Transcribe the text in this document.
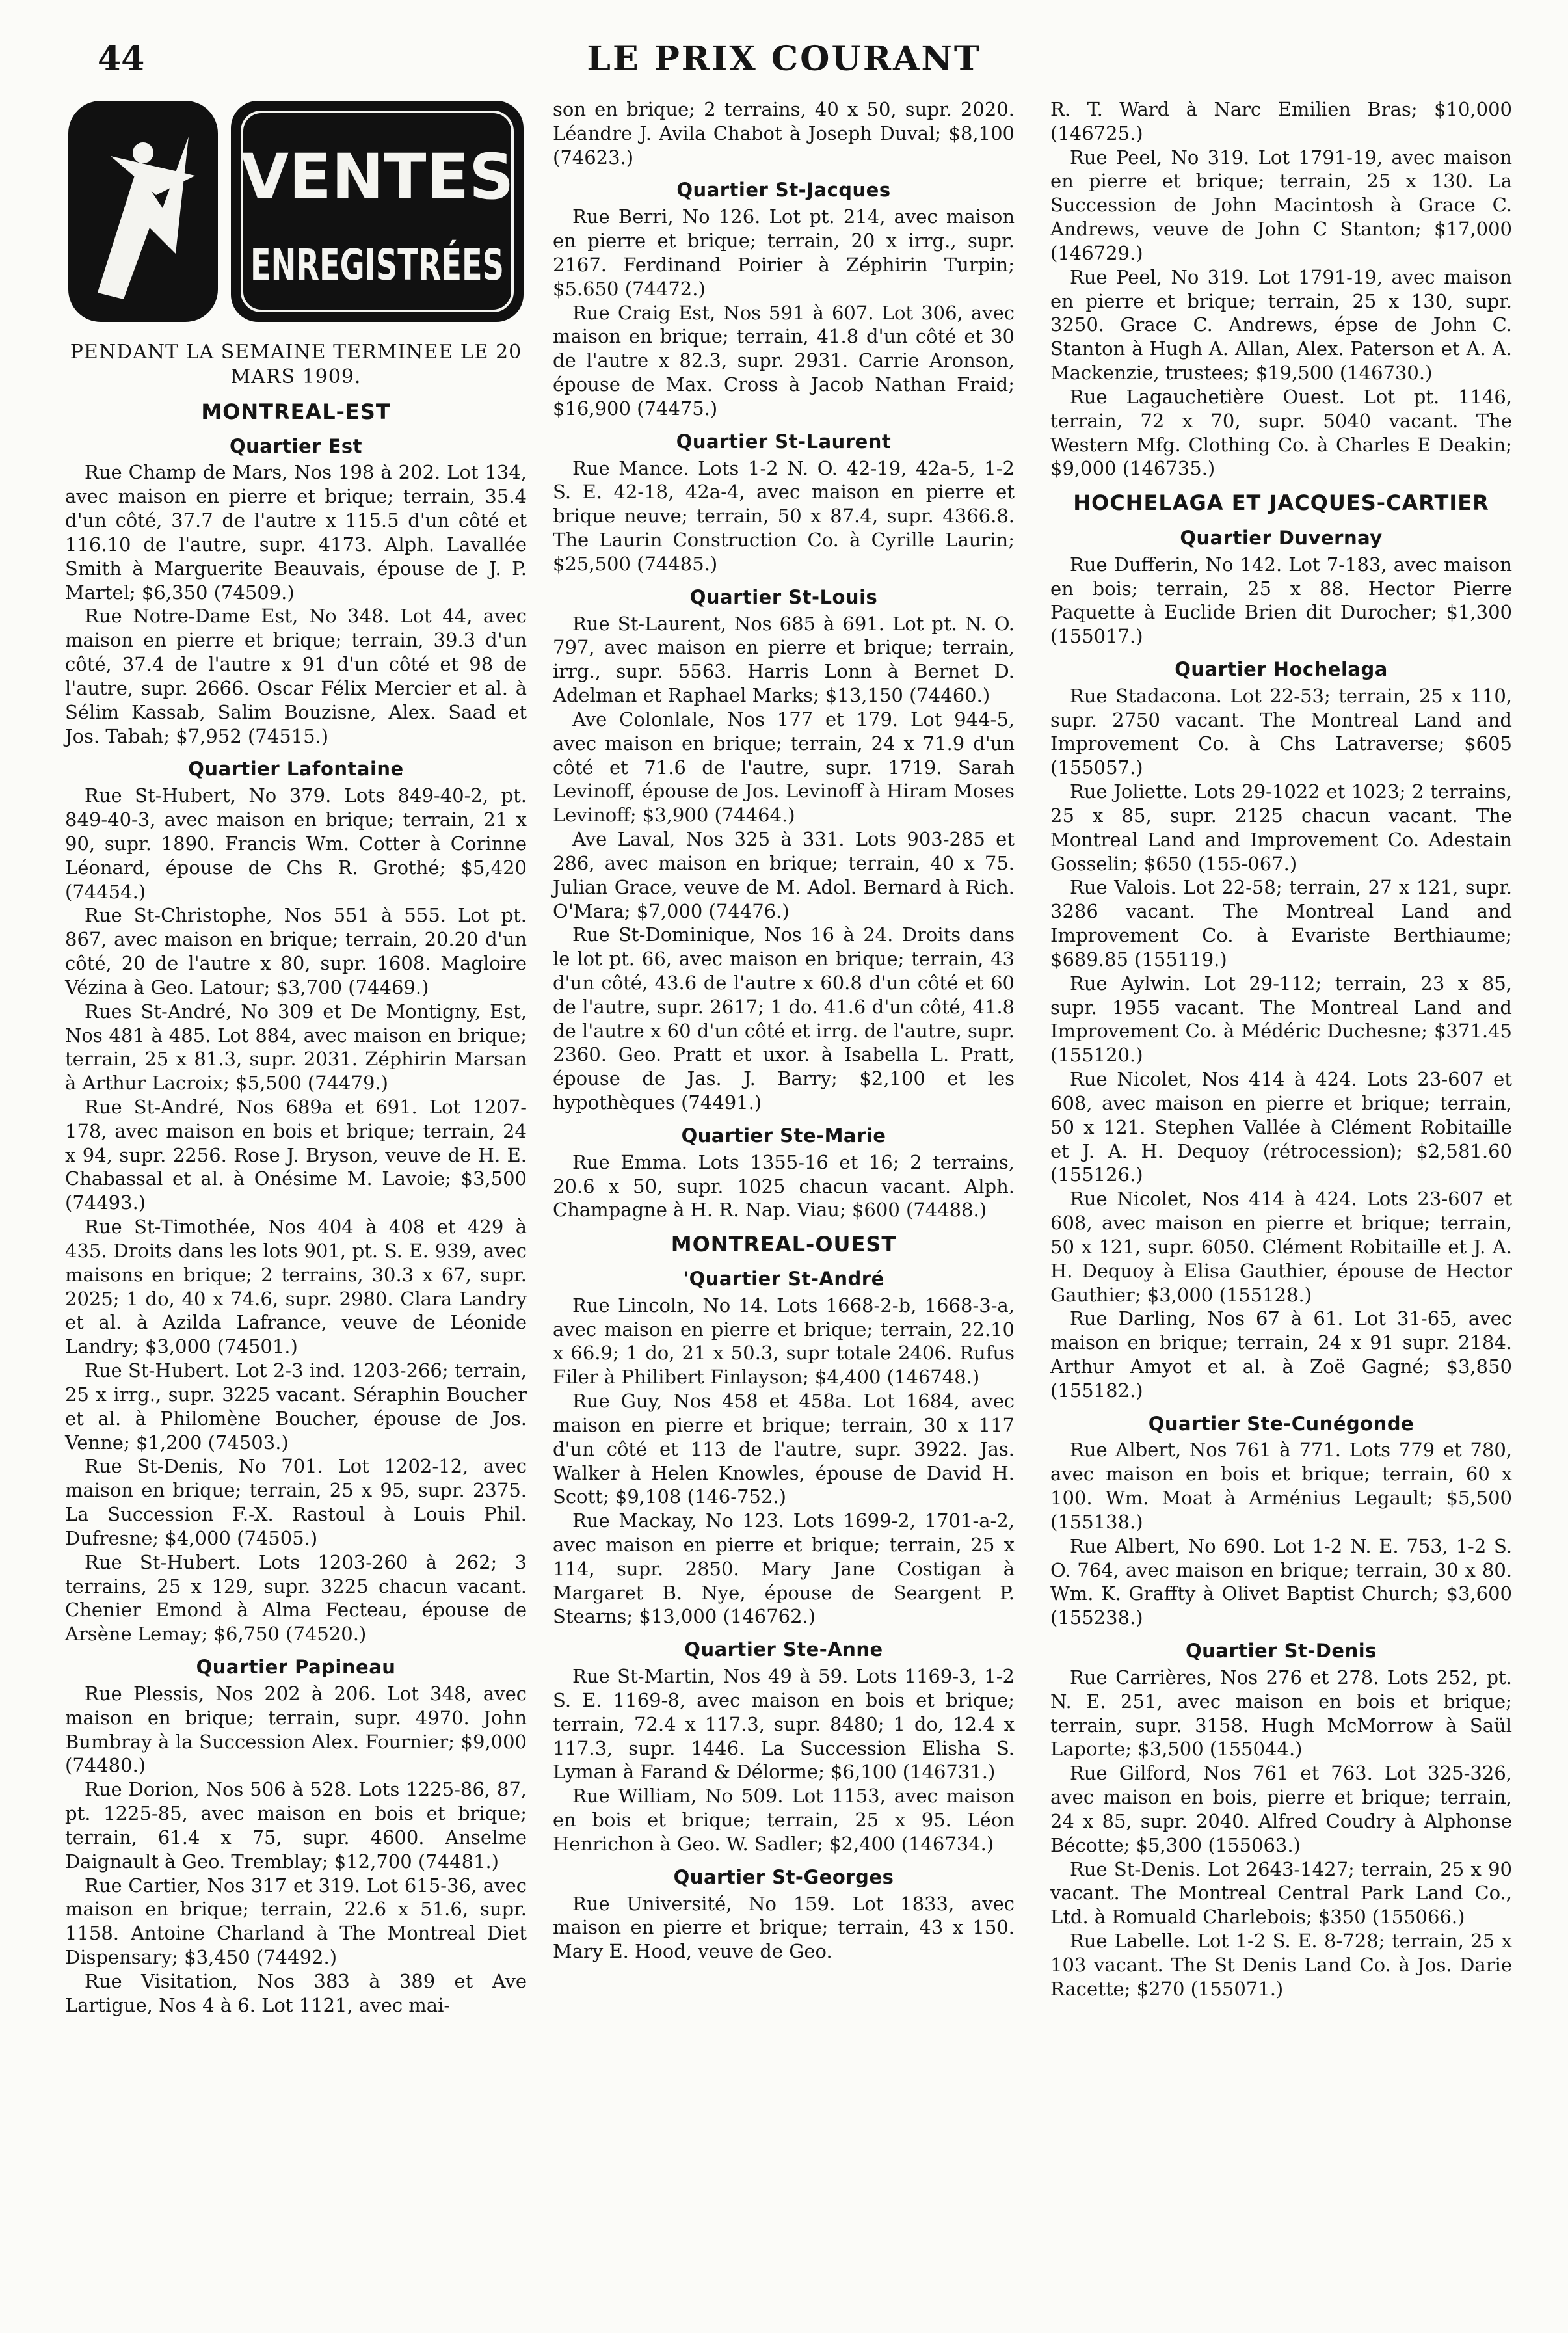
44	LE PRIX COURANT
VENTES
ENREGISTRÉES
PENDANT LA SEMAINE TERMINEE LE 20 MARS 1909.
MONTREAL-EST
Quartier Est

Rue Champ de Mars, Nos 198 à 202. Lot 134, avec maison en pierre et brique; terrain, 35.4 d'un côté, 37.7 de l'autre x 115.5 d'un côté et 116.10 de l'autre, supr. 4173. Alph. Lavallée Smith à Marguerite Beauvais, épouse de J. P. Martel; $6,350 (74509.)

Rue Notre-Dame Est, No 348. Lot 44, avec maison en pierre et brique; terrain, 39.3 d'un côté, 37.4 de l'autre x 91 d'un côté et 98 de l'autre, supr. 2666. Oscar Félix Mercier et al. à Sélim Kassab, Salim Bouzisne, Alex. Saad et Jos. Tabah; $7,952 (74515.)

Quartier Lafontaine

Rue St-Hubert, No 379. Lots 849-40-2, pt. 849-40-3, avec maison en brique; terrain, 21 x 90, supr. 1890. Francis Wm. Cotter à Corinne Léonard, épouse de Chs R. Grothé; $5,420 (74454.)

Rue St-Christophe, Nos 551 à 555. Lot pt. 867, avec maison en brique; terrain, 20.20 d'un côté, 20 de l'autre x 80, supr. 1608. Magloire Vézina à Geo. Latour; $3,700 (74469.)

Rues St-André, No 309 et De Montigny, Est, Nos 481 à 485. Lot 884, avec maison en brique; terrain, 25 x 81.3, supr. 2031. Zéphirin Marsan à Arthur Lacroix; $5,500 (74479.)

Rue St-André, Nos 689a et 691. Lot 1207-178, avec maison en bois et brique; terrain, 24 x 94, supr. 2256. Rose J. Bryson, veuve de H. E. Chabassal et al. à Onésime M. Lavoie; $3,500 (74493.)

Rue St-Timothée, Nos 404 à 408 et 429 à 435. Droits dans les lots 901, pt. S. E. 939, avec maisons en brique; 2 terrains, 30.3 x 67, supr. 2025; 1 do, 40 x 74.6, supr. 2980. Clara Landry et al. à Azilda Lafrance, veuve de Léonide Landry; $3,000 (74501.)

Rue St-Hubert. Lot 2-3 ind. 1203-266; terrain, 25 x irrg., supr. 3225 vacant. Séraphin Boucher et al. à Philomène Boucher, épouse de Jos. Venne; $1,200 (74503.)

Rue St-Denis, No 701. Lot 1202-12, avec maison en brique; terrain, 25 x 95, supr. 2375. La Succession F.-X. Rastoul à Louis Phil. Dufresne; $4,000 (74505.)

Rue St-Hubert. Lots 1203-260 à 262; 3 terrains, 25 x 129, supr. 3225 chacun vacant. Chenier Emond à Alma Fecteau, épouse de Arsène Lemay; $6,750 (74520.)

Quartier Papineau

Rue Plessis, Nos 202 à 206. Lot 348, avec maison en brique; terrain, supr. 4970. John Bumbray à la Succession Alex. Fournier; $9,000 (74480.)

Rue Dorion, Nos 506 à 528. Lots 1225-86, 87, pt. 1225-85, avec maison en bois et brique; terrain, 61.4 x 75, supr. 4600. Anselme Daignault à Geo. Tremblay; $12,700 (74481.)

Rue Cartier, Nos 317 et 319. Lot 615-36, avec maison en brique; terrain, 22.6 x 51.6, supr. 1158. Antoine Charland à The Montreal Diet Dispensary; $3,450 (74492.)

Rue Visitation, Nos 383 à 389 et Ave Lartigue, Nos 4 à 6. Lot 1121, avec mai-

son en brique; 2 terrains, 40 x 50, supr. 2020. Léandre J. Avila Chabot à Joseph Duval; $8,100 (74623.)

Quartier St-Jacques

Rue Berri, No 126. Lot pt. 214, avec maison en pierre et brique; terrain, 20 x irrg., supr. 2167. Ferdinand Poirier à Zéphirin Turpin; $5.650 (74472.)

Rue Craig Est, Nos 591 à 607. Lot 306, avec maison en brique; terrain, 41.8 d'un côté et 30 de l'autre x 82.3, supr. 2931. Carrie Aronson, épouse de Max. Cross à Jacob Nathan Fraid; $16,900 (74475.)

Quartier St-Laurent

Rue Mance. Lots 1-2 N. O. 42-19, 42a-5, 1-2 S. E. 42-18, 42a-4, avec maison en pierre et brique neuve; terrain, 50 x 87.4, supr. 4366.8. The Laurin Construction Co. à Cyrille Laurin; $25,500 (74485.)

Quartier St-Louis

Rue St-Laurent, Nos 685 à 691. Lot pt. N. O. 797, avec maison en pierre et brique; terrain, irrg., supr. 5563. Harris Lonn à Bernet D. Adelman et Raphael Marks; $13,150 (74460.)

Ave Colonlale, Nos 177 et 179. Lot 944-5, avec maison en brique; terrain, 24 x 71.9 d'un côté et 71.6 de l'autre, supr. 1719. Sarah Levinoff, épouse de Jos. Levinoff à Hiram Moses Levinoff; $3,900 (74464.)

Ave Laval, Nos 325 à 331. Lots 903-285 et 286, avec maison en brique; terrain, 40 x 75. Julian Grace, veuve de M. Adol. Bernard à Rich. O'Mara; $7,000 (74476.)

Rue St-Dominique, Nos 16 à 24. Droits dans le lot pt. 66, avec maison en brique; terrain, 43 d'un côté, 43.6 de l'autre x 60.8 d'un côté et 60 de l'autre, supr. 2617; 1 do. 41.6 d'un côté, 41.8 de l'autre x 60 d'un côté et irrg. de l'autre, supr. 2360. Geo. Pratt et uxor. à Isabella L. Pratt, épouse de Jas. J. Barry; $2,100 et les hypothèques (74491.)

Quartier Ste-Marie

Rue Emma. Lots 1355-16 et 16; 2 terrains, 20.6 x 50, supr. 1025 chacun vacant. Alph. Champagne à H. R. Nap. Viau; $600 (74488.)

MONTREAL-OUEST
'Quartier St-André

Rue Lincoln, No 14. Lots 1668-2-b, 1668-3-a, avec maison en pierre et brique; terrain, 22.10 x 66.9; 1 do, 21 x 50.3, supr totale 2406. Rufus Filer à Philibert Finlayson; $4,400 (146748.)

Rue Guy, Nos 458 et 458a. Lot 1684, avec maison en pierre et brique; terrain, 30 x 117 d'un côté et 113 de l'autre, supr. 3922. Jas. Walker à Helen Knowles, épouse de David H. Scott; $9,108 (146-752.)

Rue Mackay, No 123. Lots 1699-2, 1701-a-2, avec maison en pierre et brique; terrain, 25 x 114, supr. 2850. Mary Jane Costigan à Margaret B. Nye, épouse de Seargent P. Stearns; $13,000 (146762.)

Quartier Ste-Anne

Rue St-Martin, Nos 49 à 59. Lots 1169-3, 1-2 S. E. 1169-8, avec maison en bois et brique; terrain, 72.4 x 117.3, supr. 8480; 1 do, 12.4 x 117.3, supr. 1446. La Succession Elisha S. Lyman à Farand & Délorme; $6,100 (146731.)

Rue William, No 509. Lot 1153, avec maison en bois et brique; terrain, 25 x 95. Léon Henrichon à Geo. W. Sadler; $2,400 (146734.)

Quartier St-Georges

Rue Université, No 159. Lot 1833, avec maison en pierre et brique; terrain, 43 x 150. Mary E. Hood, veuve de Geo.

R. T. Ward à Narc Emilien Bras; $10,000 (146725.)

Rue Peel, No 319. Lot 1791-19, avec maison en pierre et brique; terrain, 25 x 130. La Succession de John Macintosh à Grace C. Andrews, veuve de John C Stanton; $17,000 (146729.)

Rue Peel, No 319. Lot 1791-19, avec maison en pierre et brique; terrain, 25 x 130, supr. 3250. Grace C. Andrews, épse de John C. Stanton à Hugh A. Allan, Alex. Paterson et A. A. Mackenzie, trustees; $19,500 (146730.)

Rue Lagauchetière Ouest. Lot pt. 1146, terrain, 72 x 70, supr. 5040 vacant. The Western Mfg. Clothing Co. à Charles E Deakin; $9,000 (146735.)

HOCHELAGA ET JACQUES-CARTIER
Quartier Duvernay

Rue Dufferin, No 142. Lot 7-183, avec maison en bois; terrain, 25 x 88. Hector Pierre Paquette à Euclide Brien dit Durocher; $1,300 (155017.)

Quartier Hochelaga

Rue Stadacona. Lot 22-53; terrain, 25 x 110, supr. 2750 vacant. The Montreal Land and Improvement Co. à Chs Latraverse; $605 (155057.)

Rue Joliette. Lots 29-1022 et 1023; 2 terrains, 25 x 85, supr. 2125 chacun vacant. The Montreal Land and Improvement Co. Adestain Gosselin; $650 (155-067.)

Rue Valois. Lot 22-58; terrain, 27 x 121, supr. 3286 vacant. The Montreal Land and Improvement Co. à Evariste Berthiaume; $689.85 (155119.)

Rue Aylwin. Lot 29-112; terrain, 23 x 85, supr. 1955 vacant. The Montreal Land and Improvement Co. à Médéric Duchesne; $371.45 (155120.)

Rue Nicolet, Nos 414 à 424. Lots 23-607 et 608, avec maison en pierre et brique; terrain, 50 x 121. Stephen Vallée à Clément Robitaille et J. A. H. Dequoy (rétrocession); $2,581.60 (155126.)

Rue Nicolet, Nos 414 à 424. Lots 23-607 et 608, avec maison en pierre et brique; terrain, 50 x 121, supr. 6050. Clément Robitaille et J. A. H. Dequoy à Elisa Gauthier, épouse de Hector Gauthier; $3,000 (155128.)

Rue Darling, Nos 67 à 61. Lot 31-65, avec maison en brique; terrain, 24 x 91 supr. 2184. Arthur Amyot et al. à Zoë Gagné; $3,850 (155182.)

Quartier Ste-Cunégonde

Rue Albert, Nos 761 à 771. Lots 779 et 780, avec maison en bois et brique; terrain, 60 x 100. Wm. Moat à Arménius Legault; $5,500 (155138.)

Rue Albert, No 690. Lot 1-2 N. E. 753, 1-2 S. O. 764, avec maison en brique; terrain, 30 x 80. Wm. K. Graffty à Olivet Baptist Church; $3,600 (155238.)

Quartier St-Denis

Rue Carrières, Nos 276 et 278. Lots 252, pt. N. E. 251, avec maison en bois et brique; terrain, supr. 3158. Hugh McMorrow à Saül Laporte; $3,500 (155044.)

Rue Gilford, Nos 761 et 763. Lot 325-326, avec maison en bois, pierre et brique; terrain, 24 x 85, supr. 2040. Alfred Coudry à Alphonse Bécotte; $5,300 (155063.)

Rue St-Denis. Lot 2643-1427; terrain, 25 x 90 vacant. The Montreal Central Park Land Co., Ltd. à Romuald Charlebois; $350 (155066.)

Rue Labelle. Lot 1-2 S. E. 8-728; terrain, 25 x 103 vacant. The St Denis Land Co. à Jos. Darie Racette; $270 (155071.)
